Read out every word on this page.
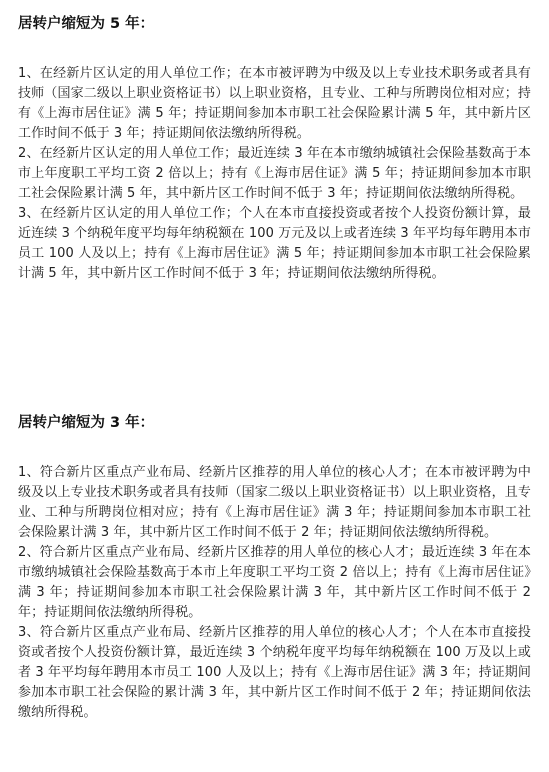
居转户缩短为 5 年：

1、在经新片区认定的用人单位工作；在本市被评聘为中级及以上专业技术职务或者具有技师（国家二级以上职业资格证书）以上职业资格，且专业、工种与所聘岗位相对应；持有《上海市居住证》满 5 年；持证期间参加本市职工社会保险累计满 5 年，其中新片区工作时间不低于 3 年；持证期间依法缴纳所得税。

2、在经新片区认定的用人单位工作；最近连续 3 年在本市缴纳城镇社会保险基数高于本市上年度职工平均工资 2 倍以上；持有《上海市居住证》满 5 年；持证期间参加本市职工社会保险累计满 5 年，其中新片区工作时间不低于 3 年；持证期间依法缴纳所得税。

3、在经新片区认定的用人单位工作；个人在本市直接投资或者按个人投资份额计算，最近连续 3 个纳税年度平均每年纳税额在 100 万元及以上或者连续 3 年平均每年聘用本市员工 100 人及以上；持有《上海市居住证》满 5 年；持证期间参加本市职工社会保险累计满 5 年，其中新片区工作时间不低于 3 年；持证期间依法缴纳所得税。

居转户缩短为 3 年：

1、符合新片区重点产业布局、经新片区推荐的用人单位的核心人才；在本市被评聘为中级及以上专业技术职务或者具有技师（国家二级以上职业资格证书）以上职业资格，且专业、工种与所聘岗位相对应；持有《上海市居住证》满 3 年；持证期间参加本市职工社会保险累计满 3 年，其中新片区工作时间不低于 2 年；持证期间依法缴纳所得税。

2、符合新片区重点产业布局、经新片区推荐的用人单位的核心人才；最近连续 3 年在本市缴纳城镇社会保险基数高于本市上年度职工平均工资 2 倍以上；持有《上海市居住证》满 3 年；持证期间参加本市职工社会保险累计满 3 年，其中新片区工作时间不低于 2 年；持证期间依法缴纳所得税。

3、符合新片区重点产业布局、经新片区推荐的用人单位的核心人才；个人在本市直接投资或者按个人投资份额计算，最近连续 3 个纳税年度平均每年纳税额在 100 万及以上或者 3 年平均每年聘用本市员工 100 人及以上；持有《上海市居住证》满 3 年；持证期间参加本市职工社会保险的累计满 3 年，其中新片区工作时间不低于 2 年；持证期间依法缴纳所得税。
